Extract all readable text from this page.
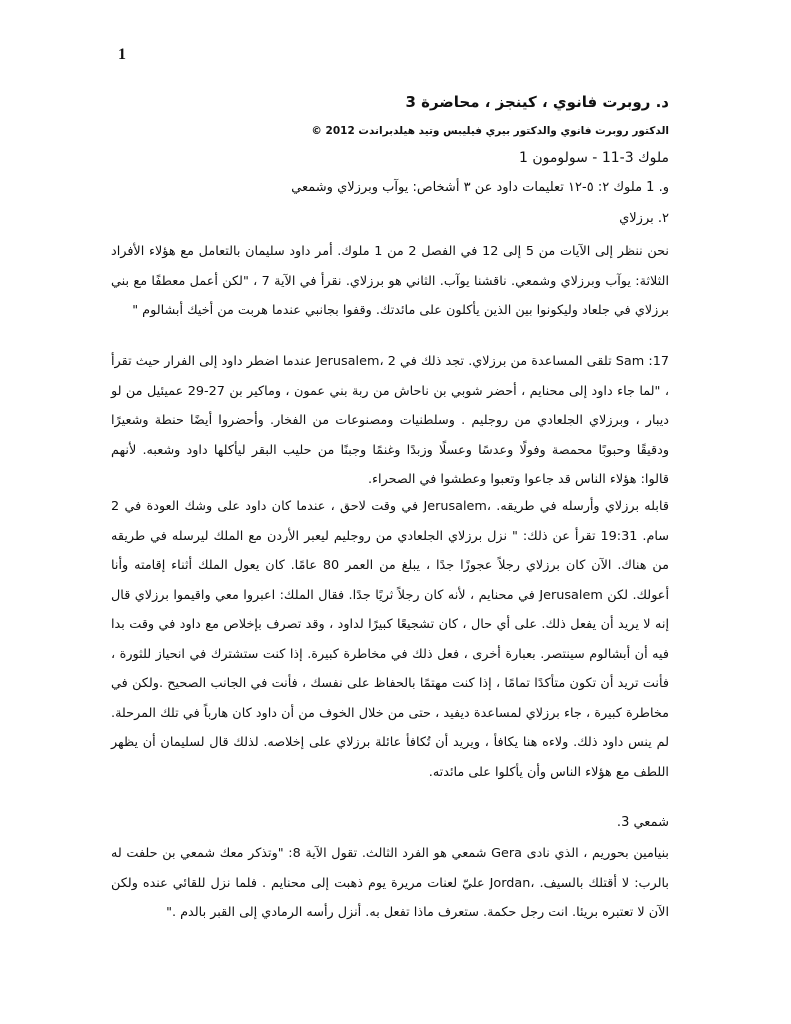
1
د. روبرت فانوي ، كينجز ، محاضرة 3
الدكتور روبرت فانوي والدكتور بيري فيليبس وتيد هيلدبراندت 2012 ©
ملوك 3-11 - سولومون 1
و. 1 ملوك ٢: ٥-١٢ تعليمات داود عن ٣ أشخاص: يوآب وبرزلاي وشمعي
٢. برزلاي
نحن ننظر إلى الآيات من 5 إلى 12 في الفصل 2 من 1 ملوك. أمر داود سليمان بالتعامل مع هؤلاء الأفراد الثلاثة: يوآب وبرزلاي وشمعي. ناقشنا يوآب. الثاني هو برزلاي. نقرأ في الآية 7 ، "لكن أعمل معطفًا مع بني برزلاي في جلعاد وليكونوا بين الذين يأكلون على مائدتك. وقفوا بجانبي عندما هربت من أخيك أبشالوم "
17: Sam تلقى المساعدة من برزلاي. تجد ذلك في 2 ،Jerusalem عندما اضطر داود إلى الفرار حيث تقرأ ، "لما جاء داود إلى محنايم ، أحضر شوبي بن ناحاش من ربة بني عمون ، وماكير بن 27-29 عميئيل من لو ديبار ، وبرزلاي الجلعادي من روجليم . وسلطنيات ومصنوعات من الفخار. وأحضروا أيضًا حنطة وشعيرًا ودقيقًا وحبوبًا محمصة وفولًا وعدسًا وعسلًا وزبدًا وغنمًا وجبنًا من حليب البقر ليأكلها داود وشعبه. لأنهم قالوا: هؤلاء الناس قد جاعوا وتعبوا وعطشوا في الصحراء.
قابله برزلاي وأرسله في طريقه. ،Jerusalem في وقت لاحق ، عندما كان داود على وشك العودة في 2 سام. 19:31 تقرأ عن ذلك: " نزل برزلاي الجلعادي من روجليم ليعبر الأردن مع الملك ليرسله في طريقه من هناك. الآن كان برزلاي رجلاً عجوزًا جدًا ، يبلغ من العمر 80 عامًا. كان يعول الملك أثناء إقامته وأنا أعولك. لكن Jerusalem في محنايم ، لأنه كان رجلاً ثريًا جدًا. فقال الملك: اعبروا معي واقيموا برزلاي قال إنه لا يريد أن يفعل ذلك. على أي حال ، كان تشجيعًا كبيرًا لداود ، وقد تصرف بإخلاص مع داود في وقت بدا فيه أن أبشالوم سينتصر. بعبارة أخرى ، فعل ذلك في مخاطرة كبيرة. إذا كنت ستشترك في انحياز للثورة ، فأنت تريد أن تكون متأكدًا تمامًا ، إذا كنت مهتمًا بالحفاظ على نفسك ، فأنت في الجانب الصحيح .ولكن في مخاطرة كبيرة ، جاء برزلاي لمساعدة ديفيد ، حتى من خلال الخوف من أن داود كان هارباً في تلك المرحلة. لم ينس داود ذلك. ولاءه هنا يكافأ ، ويريد أن تُكافأ عائلة برزلاي على إخلاصه. لذلك قال لسليمان أن يظهر اللطف مع هؤلاء الناس وأن يأكلوا على مائدته.
شمعي 3.
بنيامين بحوريم ، الذي نادى Gera شمعي هو الفرد الثالث. تقول الآية 8: "وتذكر معك شمعي بن حلفت له بالرب: لا أقتلك بالسيف. ،Jordan عليّ لعنات مريرة يوم ذهبت إلى محنايم . فلما نزل للقائي عنده ولكن الآن لا تعتبره بريئا. انت رجل حكمة. ستعرف ماذا تفعل به. أنزل رأسه الرمادي إلى القبر بالدم ."
